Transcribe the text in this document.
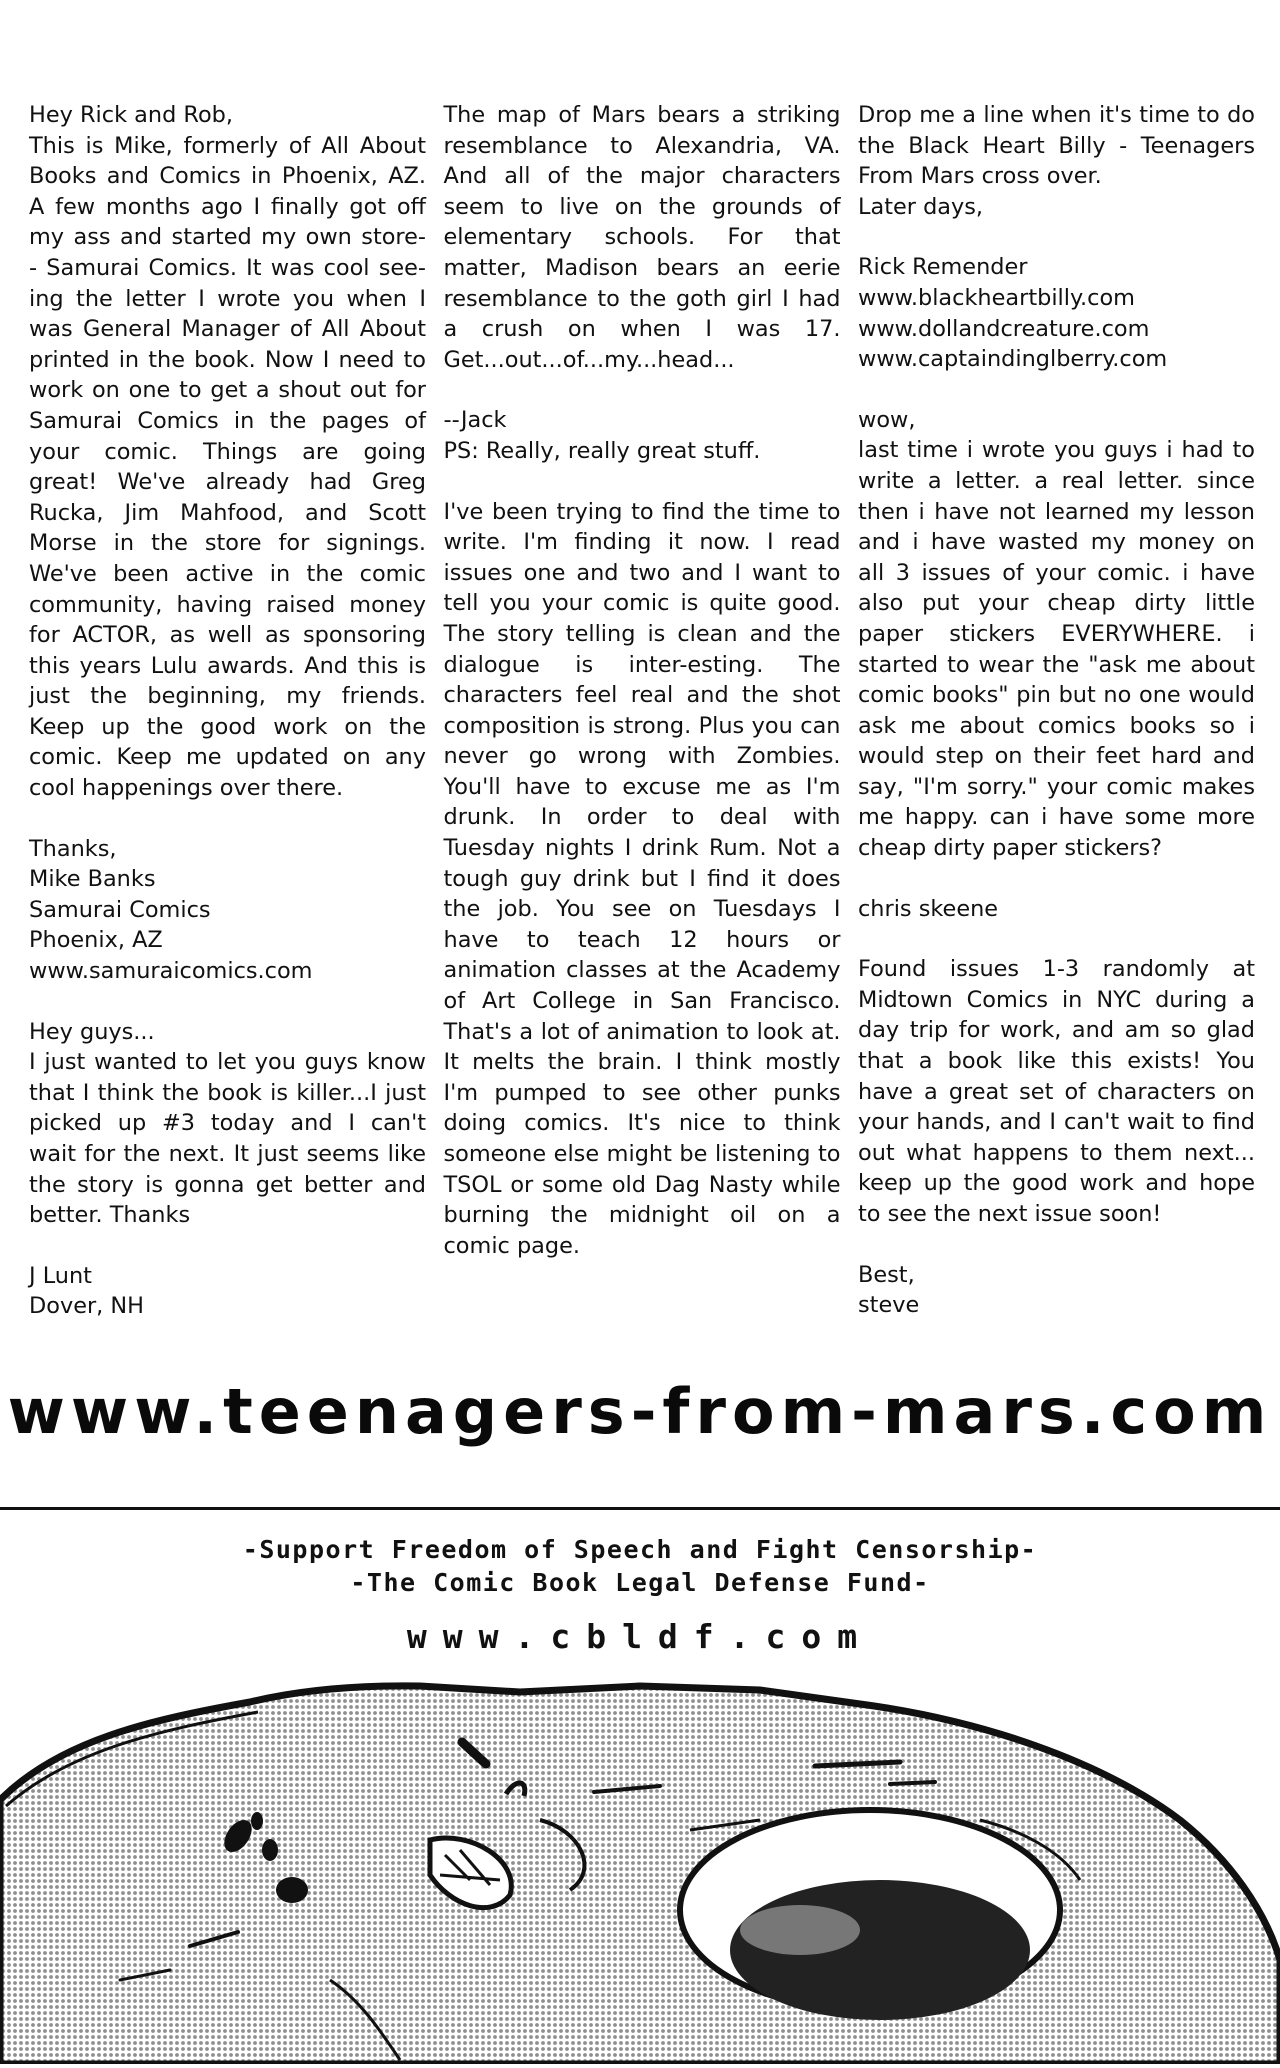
Hey Rick and Rob,
This is Mike, formerly of All About Books and Comics in Phoenix, AZ. A few months ago I finally got off my ass and started my own store- - Samurai Comics. It was cool see-ing the letter I wrote you when I was General Manager of All About printed in the book. Now I need to work on one to get a shout out for Samurai Comics in the pages of your comic. Things are going great! We've already had Greg Rucka, Jim Mahfood, and Scott Morse in the store for signings. We've been active in the comic community, having raised money for ACTOR, as well as sponsoring this years Lulu awards. And this is just the beginning, my friends. Keep up the good work on the comic. Keep me updated on any cool happenings over there.

Thanks,
Mike Banks
Samurai Comics
Phoenix, AZ
www.samuraicomics.com

Hey guys...
I just wanted to let you guys know that I think the book is killer...I just picked up #3 today and I can't wait for the next. It just seems like the story is gonna get better and better. Thanks

J Lunt
Dover, NH

The map of Mars bears a striking resemblance to Alexandria, VA. And all of the major characters seem to live on the grounds of elementary schools. For that matter, Madison bears an eerie resemblance to the goth girl I had a crush on when I was 17. Get...out...of...my...head...

--Jack
PS: Really, really great stuff.

I've been trying to find the time to write. I'm finding it now. I read issues one and two and I want to tell you your comic is quite good. The story telling is clean and the dialogue is inter-esting. The characters feel real and the shot composition is strong. Plus you can never go wrong with Zombies. You'll have to excuse me as I'm drunk. In order to deal with Tuesday nights I drink Rum. Not a tough guy drink but I find it does the job. You see on Tuesdays I have to teach 12 hours or animation classes at the Academy of Art College in San Francisco. That's a lot of animation to look at. It melts the brain. I think mostly I'm pumped to see other punks doing comics. It's nice to think someone else might be listening to TSOL or some old Dag Nasty while burning the midnight oil on a comic page.

Drop me a line when it's time to do the Black Heart Billy - Teenagers From Mars cross over.
Later days,

Rick Remender
www.blackheartbilly.com
www.dollandcreature.com
www.captaindinglberry.com

wow,
last time i wrote you guys i had to write a letter. a real letter. since then i have not learned my lesson and i have wasted my money on all 3 issues of your comic. i have also put your cheap dirty little paper stickers EVERYWHERE. i started to wear the "ask me about comic books" pin but no one would ask me about comics books so i would step on their feet hard and say, "I'm sorry." your comic makes me happy. can i have some more cheap dirty paper stickers?

chris skeene

Found issues 1-3 randomly at Midtown Comics in NYC during a day trip for work, and am so glad that a book like this exists! You have a great set of characters on your hands, and I can't wait to find out what happens to them next... keep up the good work and hope to see the next issue soon!

Best,
steve

www.teenagers-from-mars.com
-Support Freedom of Speech and Fight Censorship-
-The Comic Book Legal Defense Fund-
www.cbldf.com
